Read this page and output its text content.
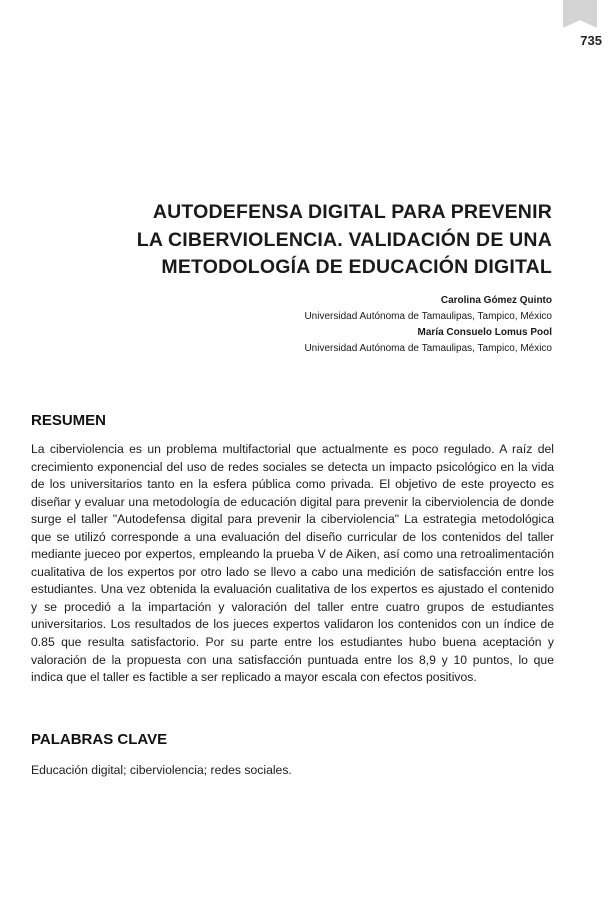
735
AUTODEFENSA DIGITAL PARA PREVENIR
LA CIBERVIOLENCIA. VALIDACIÓN DE UNA
METODOLOGÍA DE EDUCACIÓN DIGITAL
Carolina Gómez Quinto
Universidad Autónoma de Tamaulipas, Tampico, México
María Consuelo Lomus Pool
Universidad Autónoma de Tamaulipas, Tampico, México
RESUMEN

La ciberviolencia es un problema multifactorial que actualmente es poco regulado. A raíz del crecimiento exponencial del uso de redes sociales se detecta un impacto psicológico en la vida de los universitarios tanto en la esfera pública como privada. El objetivo de este proyecto es diseñar y evaluar una metodología de educación digital para prevenir la ciberviolencia de donde surge el taller "Autodefensa digital para prevenir la ciberviolencia" La estrategia metodológica que se utilizó corresponde a una evaluación del diseño curricular de los contenidos del taller mediante jueceo por expertos, empleando la prueba V de Aiken, así como una retroalimentación cualitativa de los expertos por otro lado se llevo a cabo una medición de satisfacción entre los estudiantes. Una vez obtenida la evaluación cualitativa de los expertos es ajustado el contenido y se procedió a la impartación y valoración del taller entre cuatro grupos de estudiantes universitarios. Los resultados de los jueces expertos validaron los contenidos con un índice de 0.85 que resulta satisfactorio. Por su parte entre los estudiantes hubo buena aceptación y valoración de la propuesta con una satisfacción puntuada entre los 8,9 y 10 puntos, lo que indica que el taller es factible a ser replicado a mayor escala con efectos positivos.

PALABRAS CLAVE

Educación digital; ciberviolencia; redes sociales.
